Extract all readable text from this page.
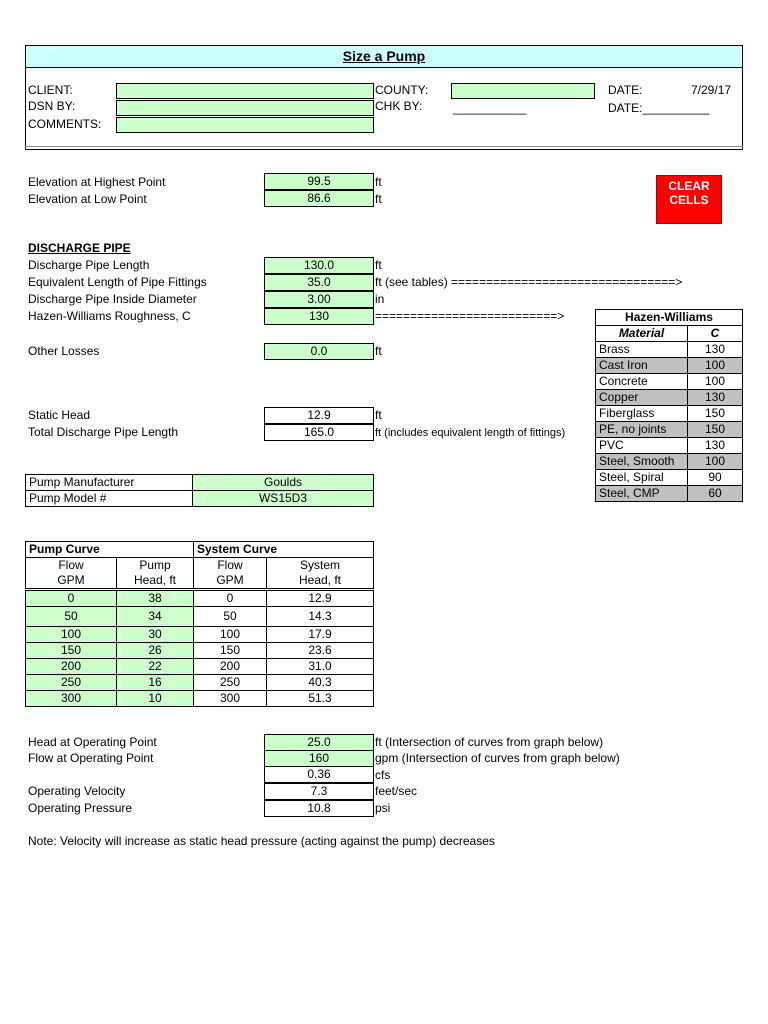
Size a Pump
CLIENT:
DSN BY:
COMMENTS:
COUNTY:
CHK BY:	___________
DATE:	7/29/17
DATE:__________
Elevation at Highest Point	99.5	ft
Elevation at Low Point	86.6	ft
CLEAR
CELLS
DISCHARGE PIPE
Discharge Pipe Length	130.0	ft
Equivalent Length of Pipe Fittings	35.0	ft (see tables) ================================>
Discharge Pipe Inside Diameter	3.00	in
Hazen-Williams Roughness, C	130	==========================>
Other Losses	0.0	ft
Static Head	12.9	ft
Total Discharge Pipe Length	165.0	ft (includes equivalent length of fittings)
Hazen-Williams	
Material	C
Brass	130
Cast Iron	100
Concrete	100
Copper	130
Fiberglass	150
PE, no joints	150
PVC	130
Steel, Smooth	100
Steel, Spiral	90
Steel, CMP	60
Pump Manufacturer	Goulds
Pump Model #	WS15D3
Pump Curve		System Curve	
Flow	Pump	Flow	System
GPM	Head, ft	GPM	Head, ft
0	38	0	12.9
50	34	50	14.3
100	30	100	17.9
150	26	150	23.6
200	22	200	31.0
250	16	250	40.3
300	10	300	51.3
Head at Operating Point	25.0	ft (Intersection of curves from graph below)
Flow at Operating Point	160	gpm (Intersection of curves from graph below)
0.36	cfs
Operating Velocity	7.3	feet/sec
Operating Pressure	10.8	psi
Note: Velocity will increase as static head pressure (acting against the pump) decreases
